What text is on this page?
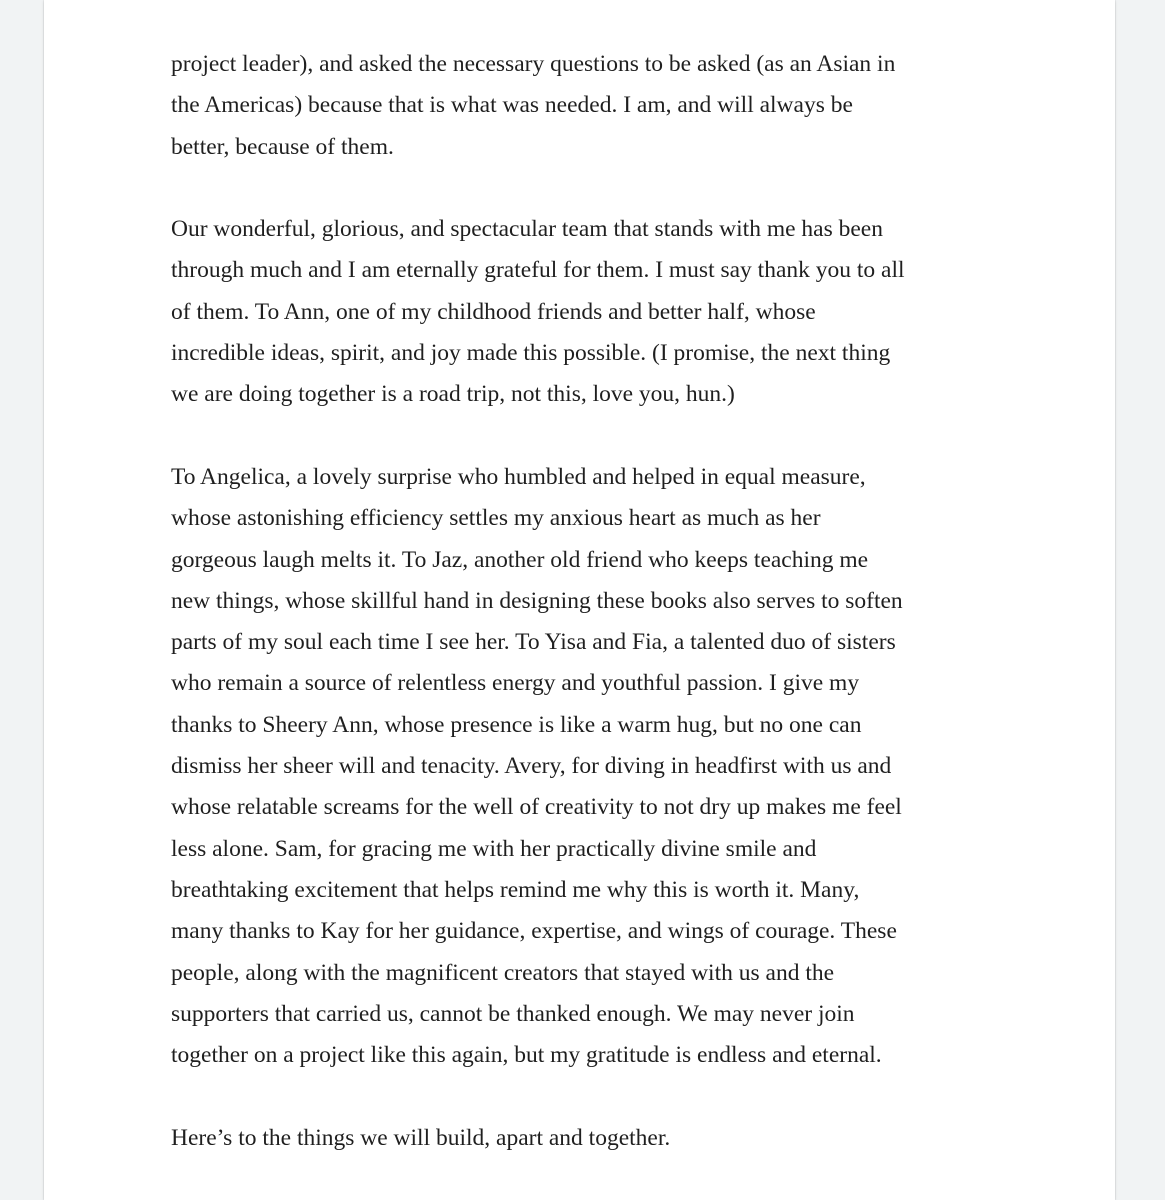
project leader), and asked the necessary questions to be asked (as an Asian in
the Americas) because that is what was needed. I am, and will always be
better, because of them.

Our wonderful, glorious, and spectacular team that stands with me has been
through much and I am eternally grateful for them. I must say thank you to all
of them. To Ann, one of my childhood friends and better half, whose
incredible ideas, spirit, and joy made this possible. (I promise, the next thing
we are doing together is a road trip, not this, love you, hun.)

To Angelica, a lovely surprise who humbled and helped in equal measure,
whose astonishing efficiency settles my anxious heart as much as her
gorgeous laugh melts it. To Jaz, another old friend who keeps teaching me
new things, whose skillful hand in designing these books also serves to soften
parts of my soul each time I see her. To Yisa and Fia, a talented duo of sisters
who remain a source of relentless energy and youthful passion. I give my
thanks to Sheery Ann, whose presence is like a warm hug, but no one can
dismiss her sheer will and tenacity. Avery, for diving in headfirst with us and
whose relatable screams for the well of creativity to not dry up makes me feel
less alone. Sam, for gracing me with her practically divine smile and
breathtaking excitement that helps remind me why this is worth it. Many,
many thanks to Kay for her guidance, expertise, and wings of courage. These
people, along with the magnificent creators that stayed with us and the
supporters that carried us, cannot be thanked enough. We may never join
together on a project like this again, but my gratitude is endless and eternal.

Here’s to the things we will build, apart and together.
